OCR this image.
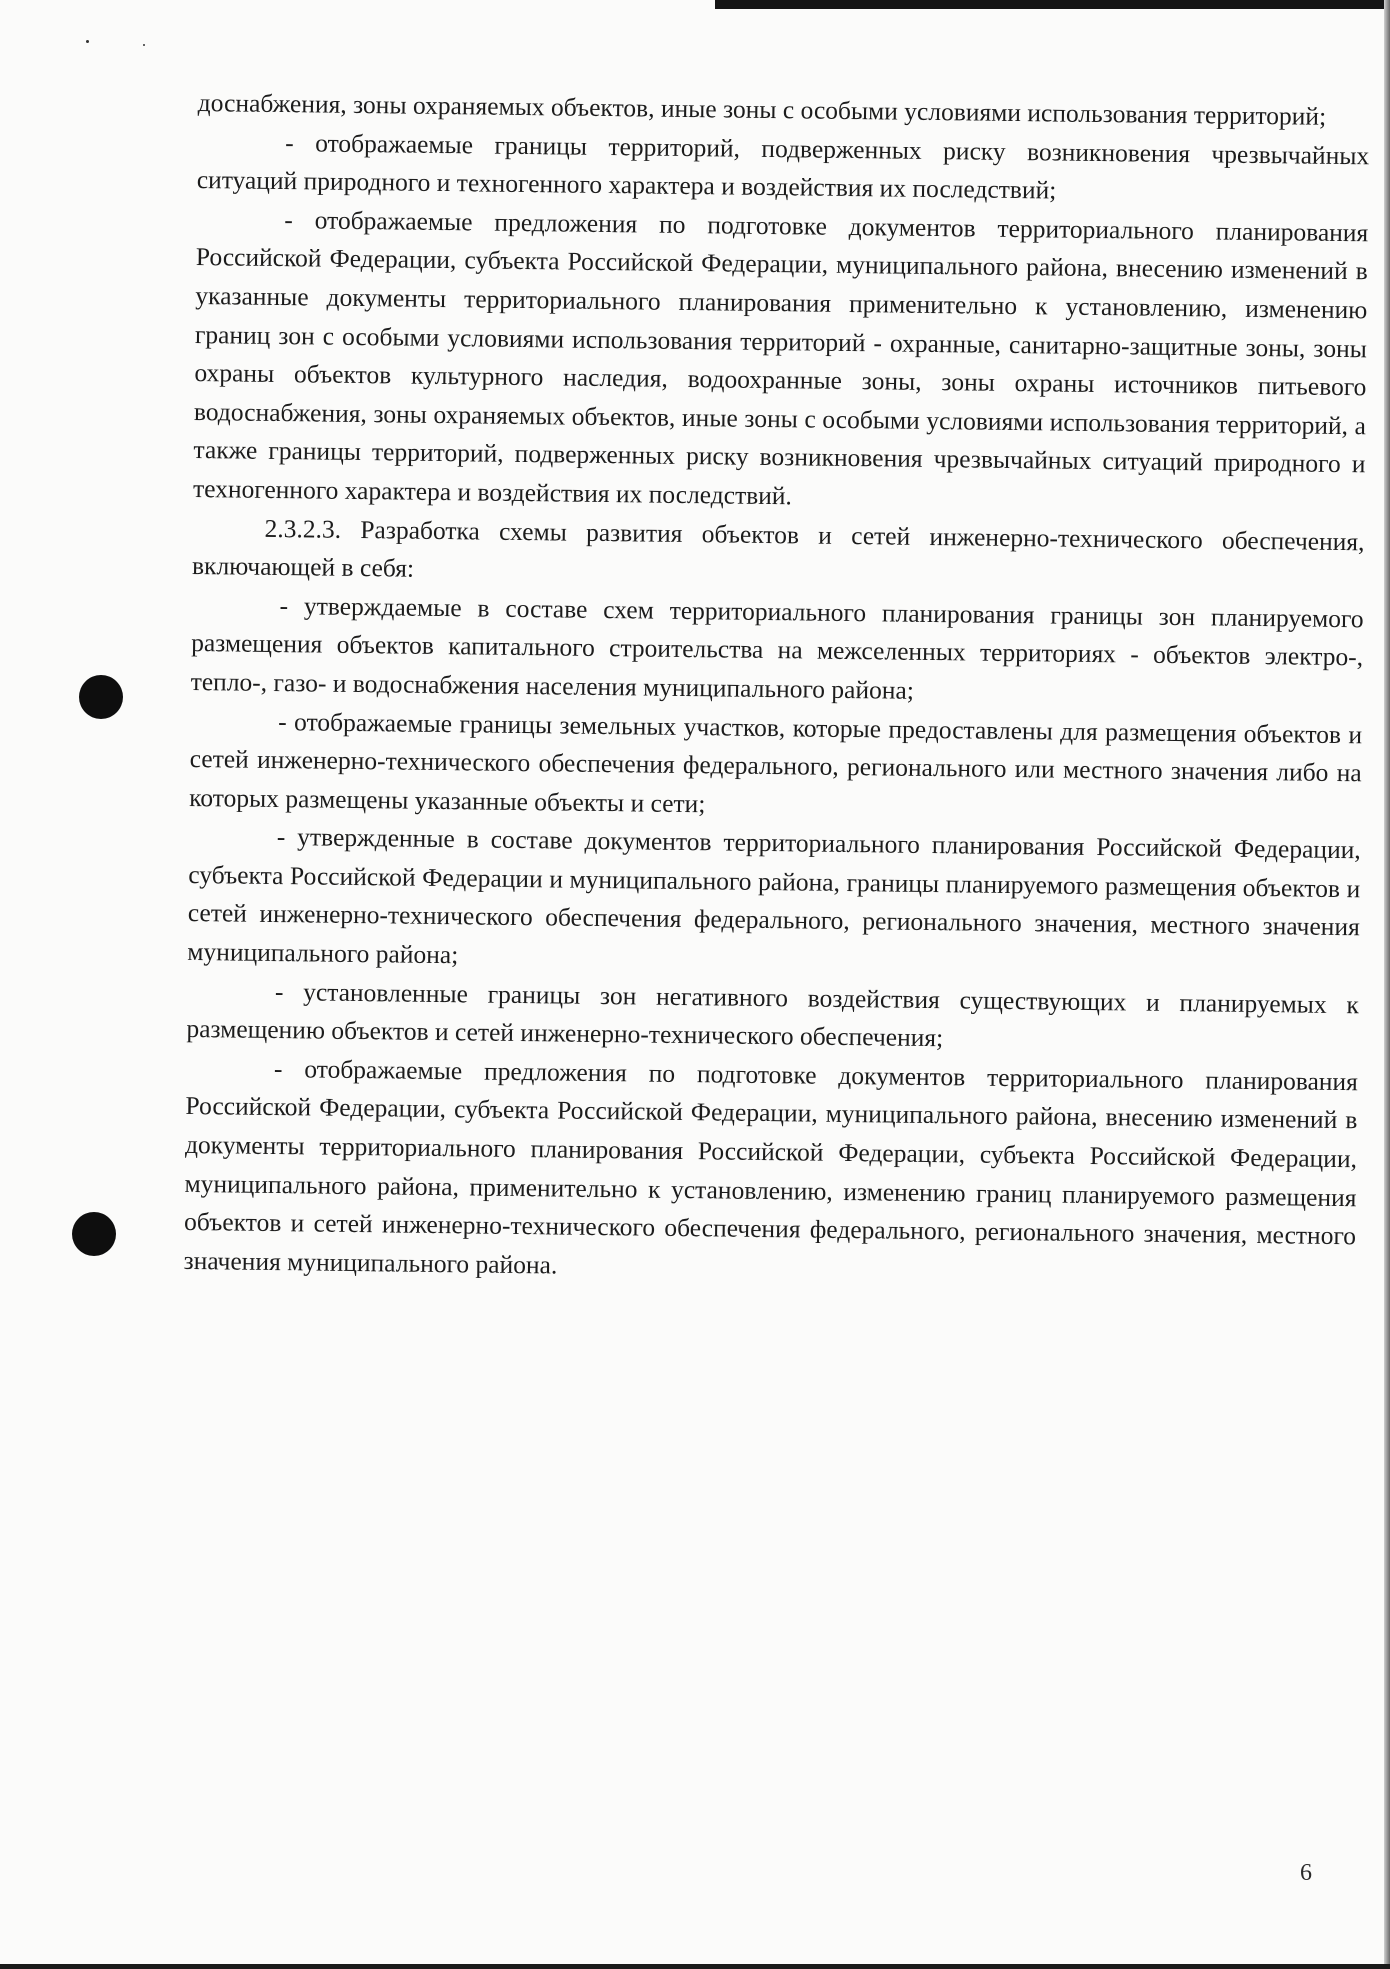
доснабжения, зоны охраняемых объектов, иные зоны с особыми условиями использования территорий;

- отображаемые границы территорий, подверженных риску возникновения чрезвычайных ситуаций природного и техногенного характера и воздействия их последствий;

- отображаемые предложения по подготовке документов территориального планирования Российской Федерации, субъекта Российской Федерации, муниципального района, внесению изменений в указанные документы территориального планирования применительно к установлению, изменению границ зон с особыми условиями использования территорий - охранные, санитарно-защитные зоны, зоны охраны объектов культурного наследия, водоохранные зоны, зоны охраны источников питьевого водоснабжения, зоны охраняемых объектов, иные зоны с особыми условиями использования территорий, а также границы территорий, подверженных риску возникновения чрезвычайных ситуаций природного и техногенного характера и воздействия их последствий.

2.3.2.3. Разработка схемы развития объектов и сетей инженерно-технического обеспечения, включающей в себя:

- утверждаемые в составе схем территориального планирования границы зон планируемого размещения объектов капитального строительства на межселенных территориях - объектов электро-, тепло-, газо- и водоснабжения населения муниципального района;

- отображаемые границы земельных участков, которые предоставлены для размещения объектов и сетей инженерно-технического обеспечения федерального, регионального или местного значения либо на которых размещены указанные объекты и сети;

- утвержденные в составе документов территориального планирования Российской Федерации, субъекта Российской Федерации и муниципального района, границы планируемого размещения объектов и сетей инженерно-технического обеспечения федерального, регионального значения, местного значения муниципального района;

- установленные границы зон негативного воздействия существующих и планируемых к размещению объектов и сетей инженерно-технического обеспечения;

- отображаемые предложения по подготовке документов территориального планирования Российской Федерации, субъекта Российской Федерации, муниципального района, внесению изменений в документы территориального планирования Российской Федерации, субъекта Российской Федерации, муниципального района, применительно к установлению, изменению границ планируемого размещения объектов и сетей инженерно-технического обеспечения федерального, регионального значения, местного значения муниципального района.

6
